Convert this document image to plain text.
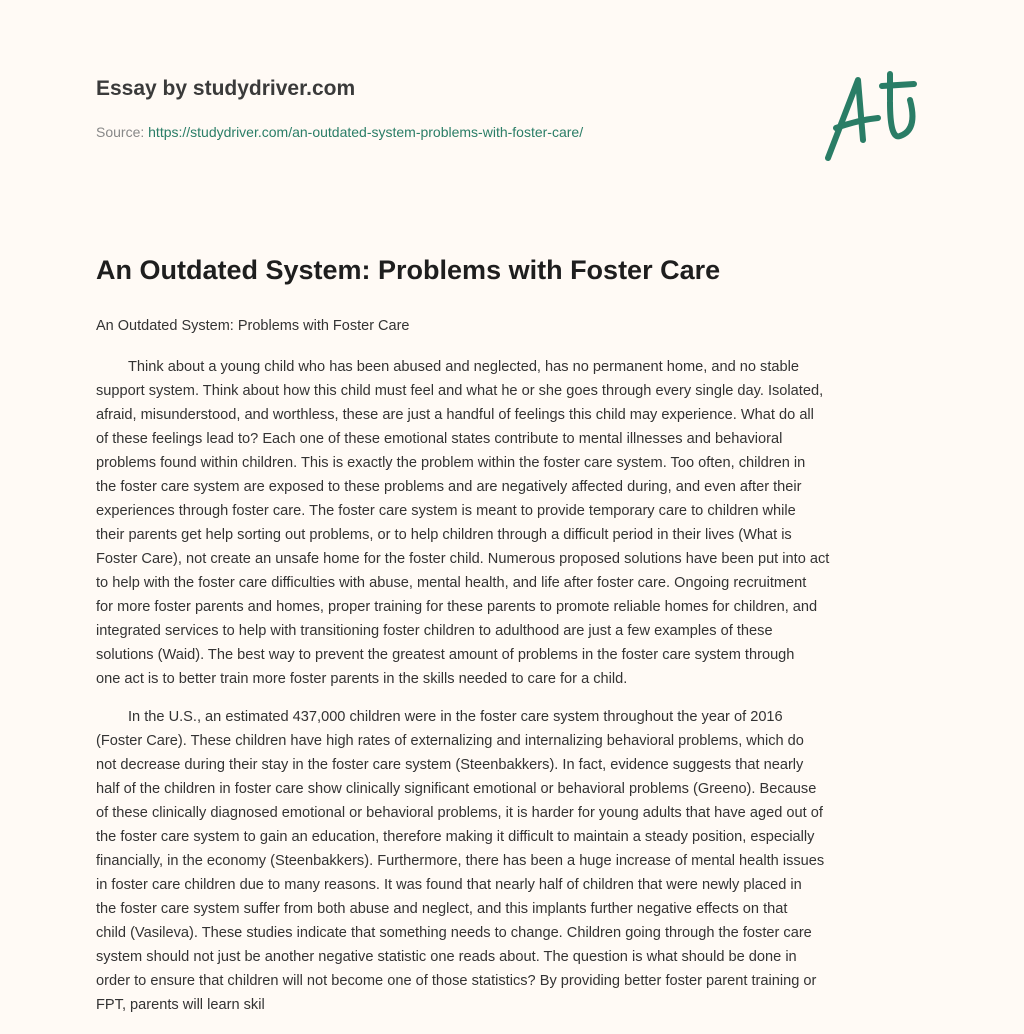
Essay by studydriver.com
Source: https://studydriver.com/an-outdated-system-problems-with-foster-care/
An Outdated System: Problems with Foster Care
An Outdated System: Problems with Foster Care
Think about a young child who has been abused and neglected, has no permanent home, and no stable
support system. Think about how this child must feel and what he or she goes through every single day. Isolated,
afraid, misunderstood, and worthless, these are just a handful of feelings this child may experience. What do all
of these feelings lead to? Each one of these emotional states contribute to mental illnesses and behavioral
problems found within children. This is exactly the problem within the foster care system. Too often, children in
the foster care system are exposed to these problems and are negatively affected during, and even after their
experiences through foster care. The foster care system is meant to provide temporary care to children while
their parents get help sorting out problems, or to help children through a difficult period in their lives (What is
Foster Care), not create an unsafe home for the foster child. Numerous proposed solutions have been put into act
to help with the foster care difficulties with abuse, mental health, and life after foster care. Ongoing recruitment
for more foster parents and homes, proper training for these parents to promote reliable homes for children, and
integrated services to help with transitioning foster children to adulthood are just a few examples of these
solutions (Waid). The best way to prevent the greatest amount of problems in the foster care system through
one act is to better train more foster parents in the skills needed to care for a child.
In the U.S., an estimated 437,000 children were in the foster care system throughout the year of 2016
(Foster Care). These children have high rates of externalizing and internalizing behavioral problems, which do
not decrease during their stay in the foster care system (Steenbakkers). In fact, evidence suggests that nearly
half of the children in foster care show clinically significant emotional or behavioral problems (Greeno). Because
of these clinically diagnosed emotional or behavioral problems, it is harder for young adults that have aged out of
the foster care system to gain an education, therefore making it difficult to maintain a steady position, especially
financially, in the economy (Steenbakkers). Furthermore, there has been a huge increase of mental health issues
in foster care children due to many reasons. It was found that nearly half of children that were newly placed in
the foster care system suffer from both abuse and neglect, and this implants further negative effects on that
child (Vasileva). These studies indicate that something needs to change. Children going through the foster care
system should not just be another negative statistic one reads about. The question is what should be done in
order to ensure that children will not become one of those statistics? By providing better foster parent training or
FPT, parents will learn skil
